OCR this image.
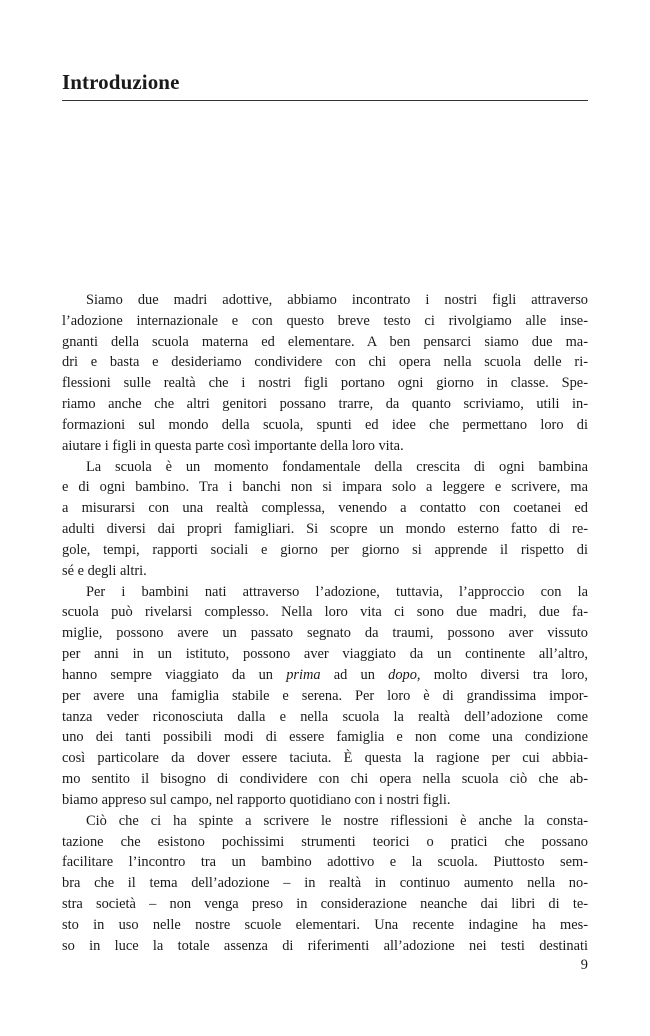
Introduzione
Siamo due madri adottive, abbiamo incontrato i nostri figli attraverso
l’adozione internazionale e con questo breve testo ci rivolgiamo alle inse-
gnanti della scuola materna ed elementare. A ben pensarci siamo due ma-
dri e basta e desideriamo condividere con chi opera nella scuola delle ri-
flessioni sulle realtà che i nostri figli portano ogni giorno in classe. Spe-
riamo anche che altri genitori possano trarre, da quanto scriviamo, utili in-
formazioni sul mondo della scuola, spunti ed idee che permettano loro di
aiutare i figli in questa parte così importante della loro vita.
La scuola è un momento fondamentale della crescita di ogni bambina
e di ogni bambino. Tra i banchi non si impara solo a leggere e scrivere, ma
a misurarsi con una realtà complessa, venendo a contatto con coetanei ed
adulti diversi dai propri famigliari. Si scopre un mondo esterno fatto di re-
gole, tempi, rapporti sociali e giorno per giorno si apprende il rispetto di
sé e degli altri.
Per i bambini nati attraverso l’adozione, tuttavia, l’approccio con la
scuola può rivelarsi complesso. Nella loro vita ci sono due madri, due fa-
miglie, possono avere un passato segnato da traumi, possono aver vissuto
per anni in un istituto, possono aver viaggiato da un continente all’altro,
hanno sempre viaggiato da un prima ad un dopo, molto diversi tra loro,
per avere una famiglia stabile e serena. Per loro è di grandissima impor-
tanza veder riconosciuta dalla e nella scuola la realtà dell’adozione come
uno dei tanti possibili modi di essere famiglia e non come una condizione
così particolare da dover essere taciuta. È questa la ragione per cui abbia-
mo sentito il bisogno di condividere con chi opera nella scuola ciò che ab-
biamo appreso sul campo, nel rapporto quotidiano con i nostri figli.
Ciò che ci ha spinte a scrivere le nostre riflessioni è anche la consta-
tazione che esistono pochissimi strumenti teorici o pratici che possano
facilitare l’incontro tra un bambino adottivo e la scuola. Piuttosto sem-
bra che il tema dell’adozione – in realtà in continuo aumento nella no-
stra società – non venga preso in considerazione neanche dai libri di te-
sto in uso nelle nostre scuole elementari. Una recente indagine ha mes-
so in luce la totale assenza di riferimenti all’adozione nei testi destinati
9
